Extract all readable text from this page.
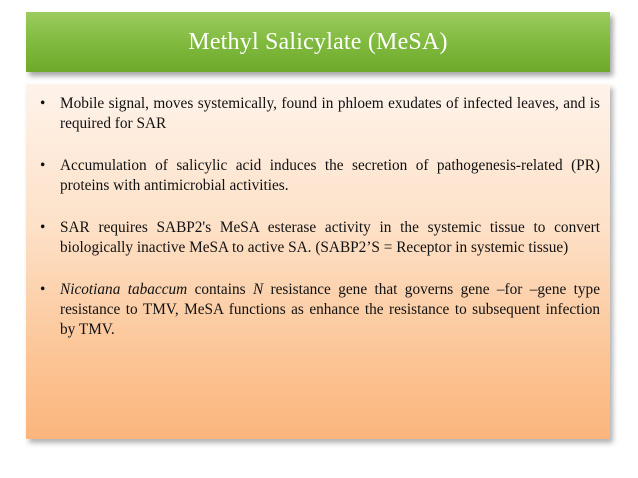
Methyl Salicylate (MeSA)
• Mobile signal, moves systemically, found in phloem exudates of infected leaves, and is required for SAR
• Accumulation of salicylic acid induces the secretion of pathogenesis-related (PR) proteins with antimicrobial activities.
• SAR requires SABP2's MeSA esterase activity in the systemic tissue to convert biologically inactive MeSA to active SA. (SABP2’S = Receptor in systemic tissue)
• Nicotiana tabaccum contains N resistance gene that governs gene –for –gene type resistance to TMV, MeSA functions as enhance the resistance to subsequent infection by TMV.
